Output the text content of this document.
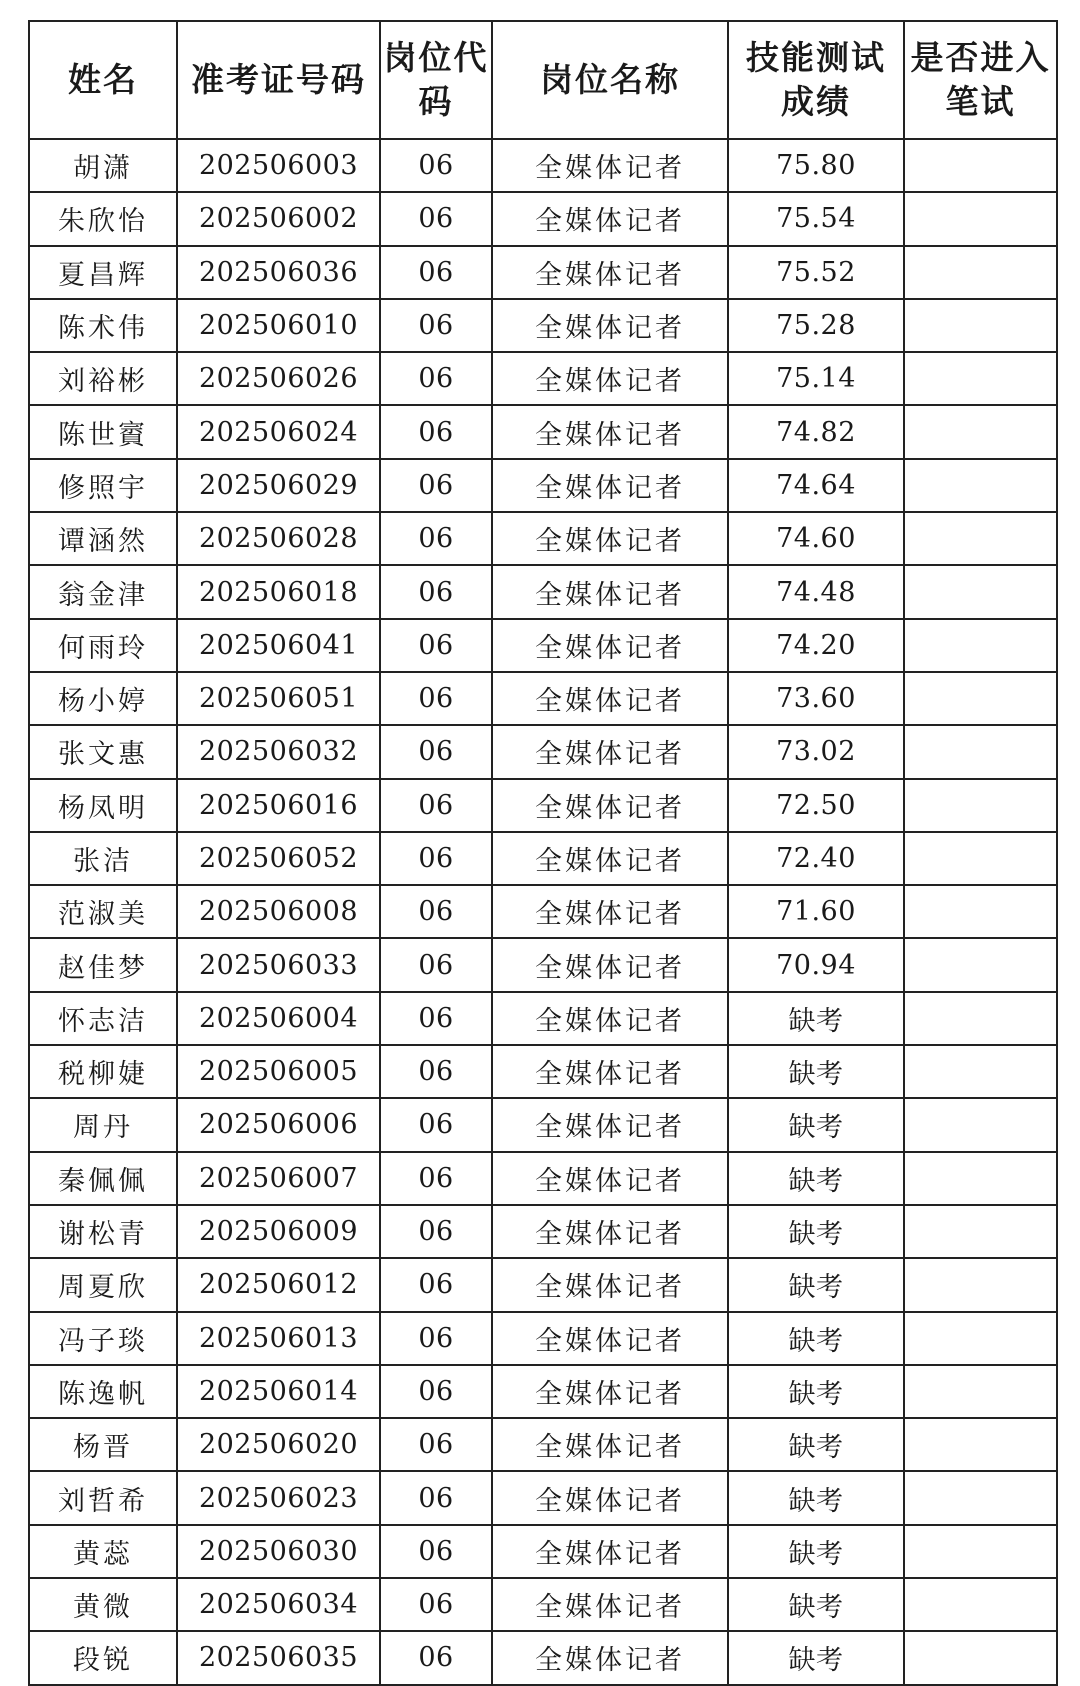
姓名	准考证号码	岗位代码	岗位名称	技能测试成绩	是否进入笔试
胡潇	202506003	06	全媒体记者	75.80	
朱欣怡	202506002	06	全媒体记者	75.54	
夏昌辉	202506036	06	全媒体记者	75.52	
陈术伟	202506010	06	全媒体记者	75.28	
刘裕彬	202506026	06	全媒体记者	75.14	
陈世賨	202506024	06	全媒体记者	74.82	
修照宇	202506029	06	全媒体记者	74.64	
谭涵然	202506028	06	全媒体记者	74.60	
翁金津	202506018	06	全媒体记者	74.48	
何雨玲	202506041	06	全媒体记者	74.20	
杨小婷	202506051	06	全媒体记者	73.60	
张文惠	202506032	06	全媒体记者	73.02	
杨凤明	202506016	06	全媒体记者	72.50	
张洁	202506052	06	全媒体记者	72.40	
范淑美	202506008	06	全媒体记者	71.60	
赵佳梦	202506033	06	全媒体记者	70.94	
怀志洁	202506004	06	全媒体记者	缺考	
税柳婕	202506005	06	全媒体记者	缺考	
周丹	202506006	06	全媒体记者	缺考	
秦佩佩	202506007	06	全媒体记者	缺考	
谢松青	202506009	06	全媒体记者	缺考	
周夏欣	202506012	06	全媒体记者	缺考	
冯子琰	202506013	06	全媒体记者	缺考	
陈逸帆	202506014	06	全媒体记者	缺考	
杨晋	202506020	06	全媒体记者	缺考	
刘哲希	202506023	06	全媒体记者	缺考	
黄蕊	202506030	06	全媒体记者	缺考	
黄微	202506034	06	全媒体记者	缺考	
段锐	202506035	06	全媒体记者	缺考	
